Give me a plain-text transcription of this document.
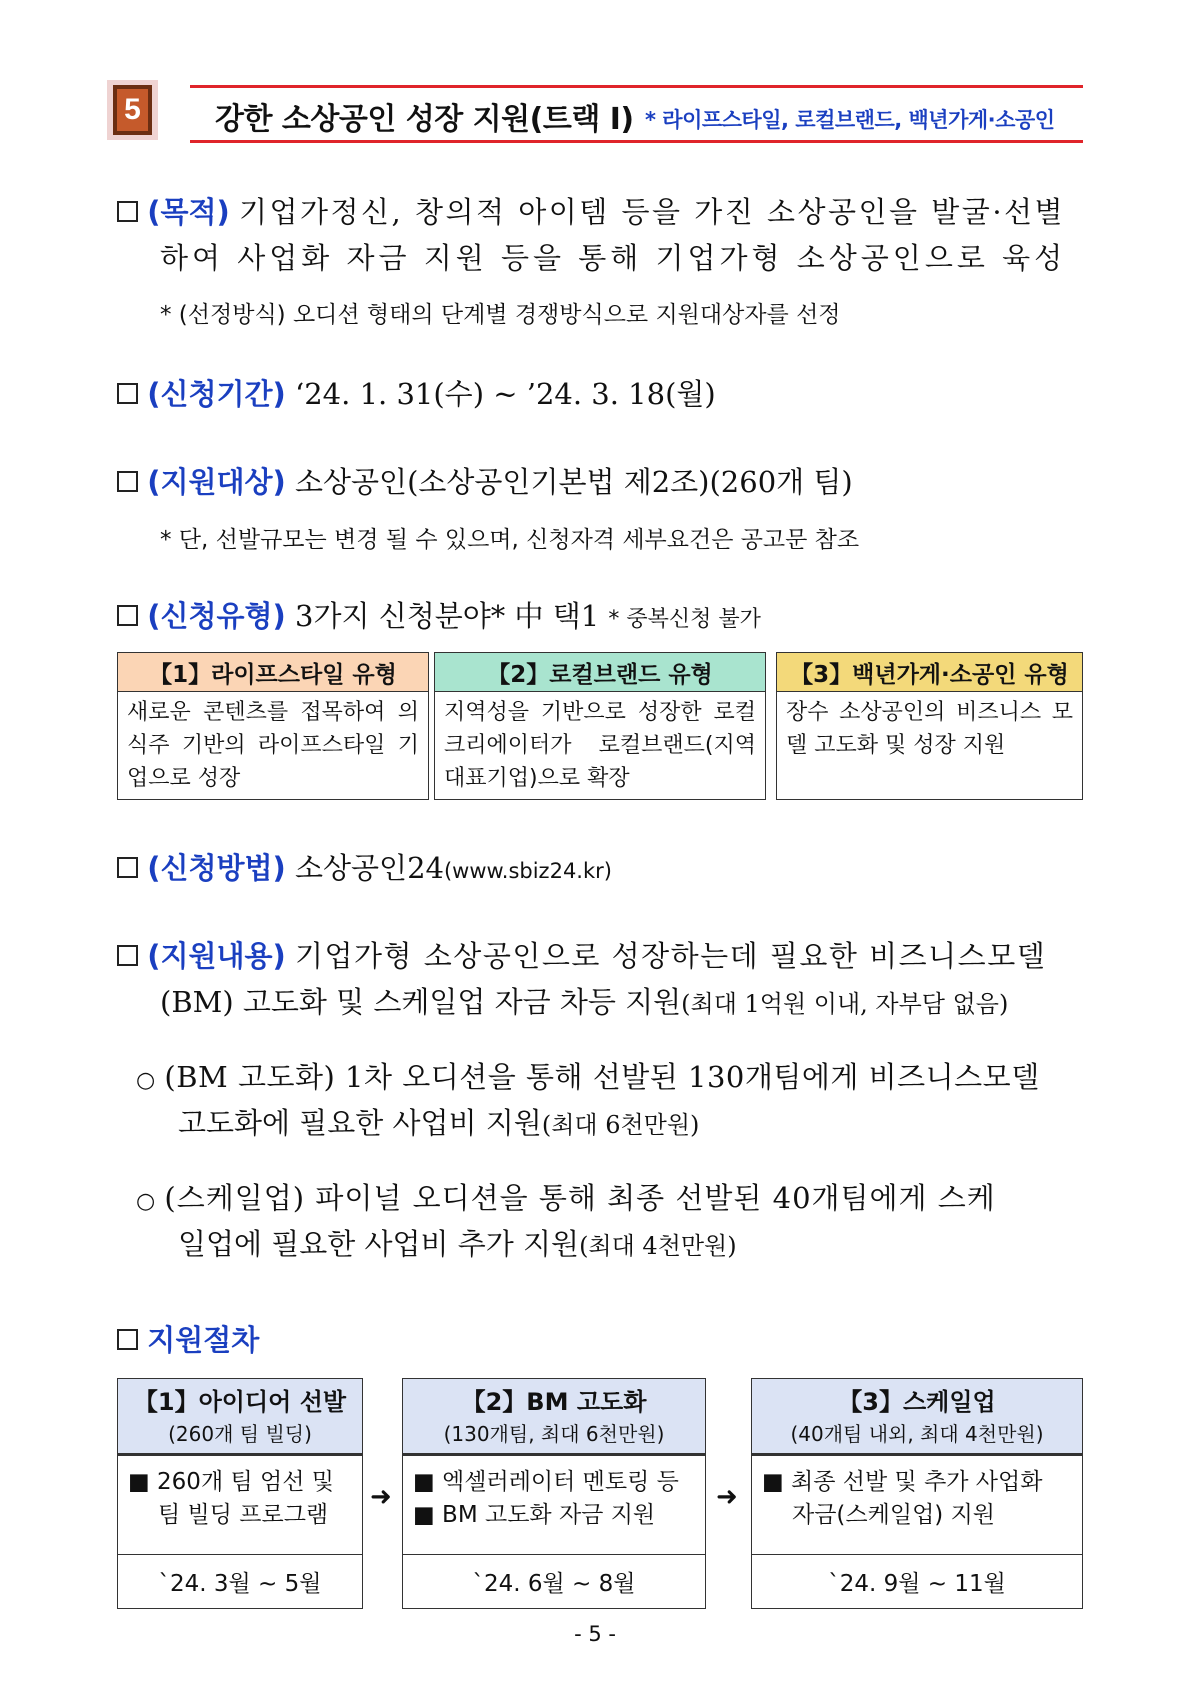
5	강한 소상공인 성장 지원(트랙 Ⅰ) * 라이프스타일, 로컬브랜드, 백년가게·소공인
(목적) 기업가정신, 창의적 아이템 등을 가진 소상공인을 발굴·선별
하여 사업화 자금 지원 등을 통해 기업가형 소상공인으로 육성
* (선정방식) 오디션 형태의 단계별 경쟁방식으로 지원대상자를 선정
(신청기간) ‘24. 1. 31(수) ~ ’24. 3. 18(월)
(지원대상) 소상공인(소상공인기본법 제2조)(260개 팀)
* 단, 선발규모는 변경 될 수 있으며, 신청자격 세부요건은 공고문 참조
(신청유형) 3가지 신청분야* 中 택1 * 중복신청 불가
【1】라이프스타일 유형
새로운 콘텐츠를 접목하여 의식주 기반의 라이프스타일 기업으로 성장
【2】로컬브랜드 유형
지역성을 기반으로 성장한 로컬크리에이터가 로컬브랜드(지역대표기업)으로 확장
【3】백년가게·소공인 유형
장수 소상공인의 비즈니스 모델 고도화 및 성장 지원
(신청방법) 소상공인24(www.sbiz24.kr)
(지원내용) 기업가형 소상공인으로 성장하는데 필요한 비즈니스모델
(BM) 고도화 및 스케일업 자금 차등 지원(최대 1억원 이내, 자부담 없음)
○ (BM 고도화) 1차 오디션을 통해 선발된 130개팀에게 비즈니스모델
고도화에 필요한 사업비 지원(최대 6천만원)
○ (스케일업) 파이널 오디션을 통해 최종 선발된 40개팀에게 스케
일업에 필요한 사업비 추가 지원(최대 4천만원)
지원절차
【1】아이디어 선발
(260개 팀 빌딩)
■ 260개 팀 엄선 및
팀 빌딩 프로그램
`24. 3월 ~ 5월
➜
【2】BM 고도화
(130개팀, 최대 6천만원)
■ 엑셀러레이터 멘토링 등
■ BM 고도화 자금 지원
`24. 6월 ~ 8월
➜
【3】스케일업
(40개팀 내외, 최대 4천만원)
■ 최종 선발 및 추가 사업화
자금(스케일업) 지원
`24. 9월 ~ 11월
- 5 -
